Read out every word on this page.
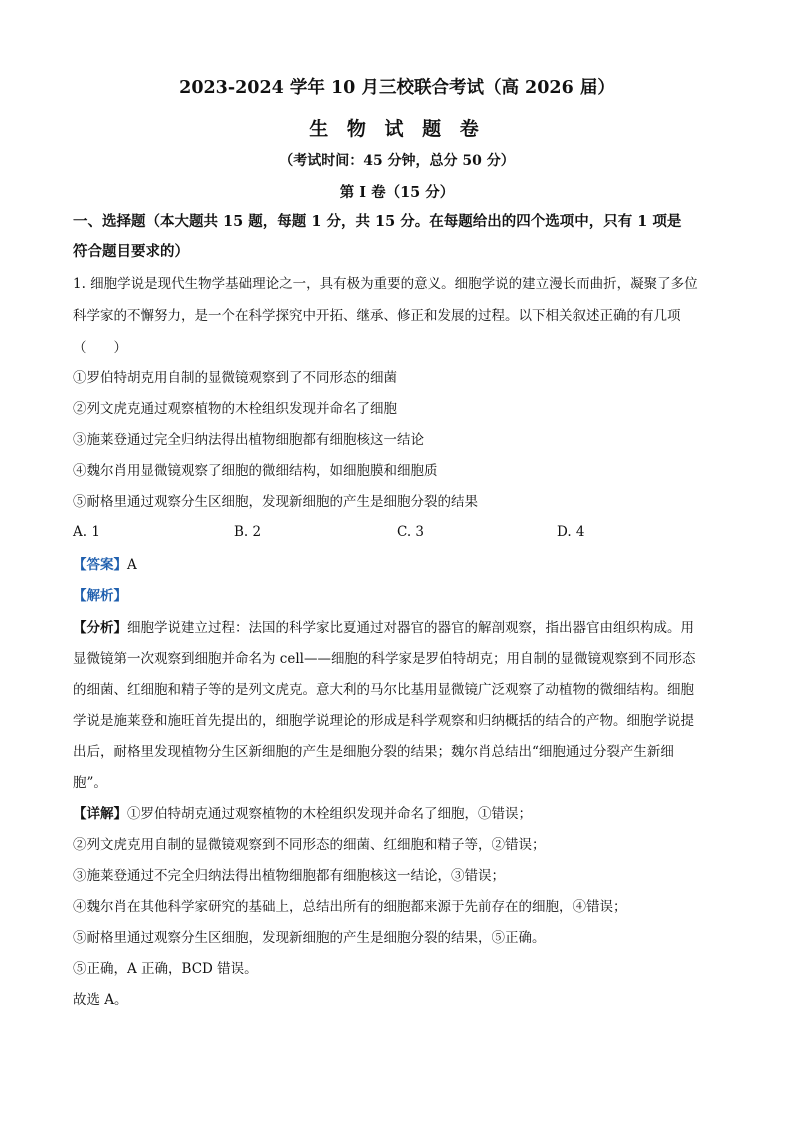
2023-2024 学年 10 月三校联合考试（高 2026 届）
生 物 试 题 卷
（考试时间：45 分钟，总分 50 分）
第 I 卷（15 分）
一、选择题（本大题共 15 题，每题 1 分，共 15 分。在每题给出的四个选项中，只有 1 项是
符合题目要求的）
1. 细胞学说是现代生物学基础理论之一，具有极为重要的意义。细胞学说的建立漫长而曲折，凝聚了多位
科学家的不懈努力，是一个在科学探究中开拓、继承、修正和发展的过程。以下相关叙述正确的有几项
（　　）
①罗伯特胡克用自制的显微镜观察到了不同形态的细菌
②列文虎克通过观察植物的木栓组织发现并命名了细胞
③施莱登通过完全归纳法得出植物细胞都有细胞核这一结论
④魏尔肖用显微镜观察了细胞的微细结构，如细胞膜和细胞质
⑤耐格里通过观察分生区细胞，发现新细胞的产生是细胞分裂的结果
A. 1	B. 2	C. 3	D. 4
【答案】A
【解析】
【分析】细胞学说建立过程：法国的科学家比夏通过对器官的器官的解剖观察，指出器官由组织构成。用
显微镜第一次观察到细胞并命名为 cell——细胞的科学家是罗伯特胡克；用自制的显微镜观察到不同形态
的细菌、红细胞和精子等的是列文虎克。意大利的马尔比基用显微镜广泛观察了动植物的微细结构。细胞
学说是施莱登和施旺首先提出的，细胞学说理论的形成是科学观察和归纳概括的结合的产物。细胞学说提
出后，耐格里发现植物分生区新细胞的产生是细胞分裂的结果；魏尔肖总结出“细胞通过分裂产生新细
胞”。
【详解】①罗伯特胡克通过观察植物的木栓组织发现并命名了细胞，①错误；
②列文虎克用自制的显微镜观察到不同形态的细菌、红细胞和精子等，②错误；
③施莱登通过不完全归纳法得出植物细胞都有细胞核这一结论，③错误；
④魏尔肖在其他科学家研究的基础上，总结出所有的细胞都来源于先前存在的细胞，④错误；
⑤耐格里通过观察分生区细胞，发现新细胞的产生是细胞分裂的结果，⑤正确。
⑤正确，A 正确，BCD 错误。
故选 A。
